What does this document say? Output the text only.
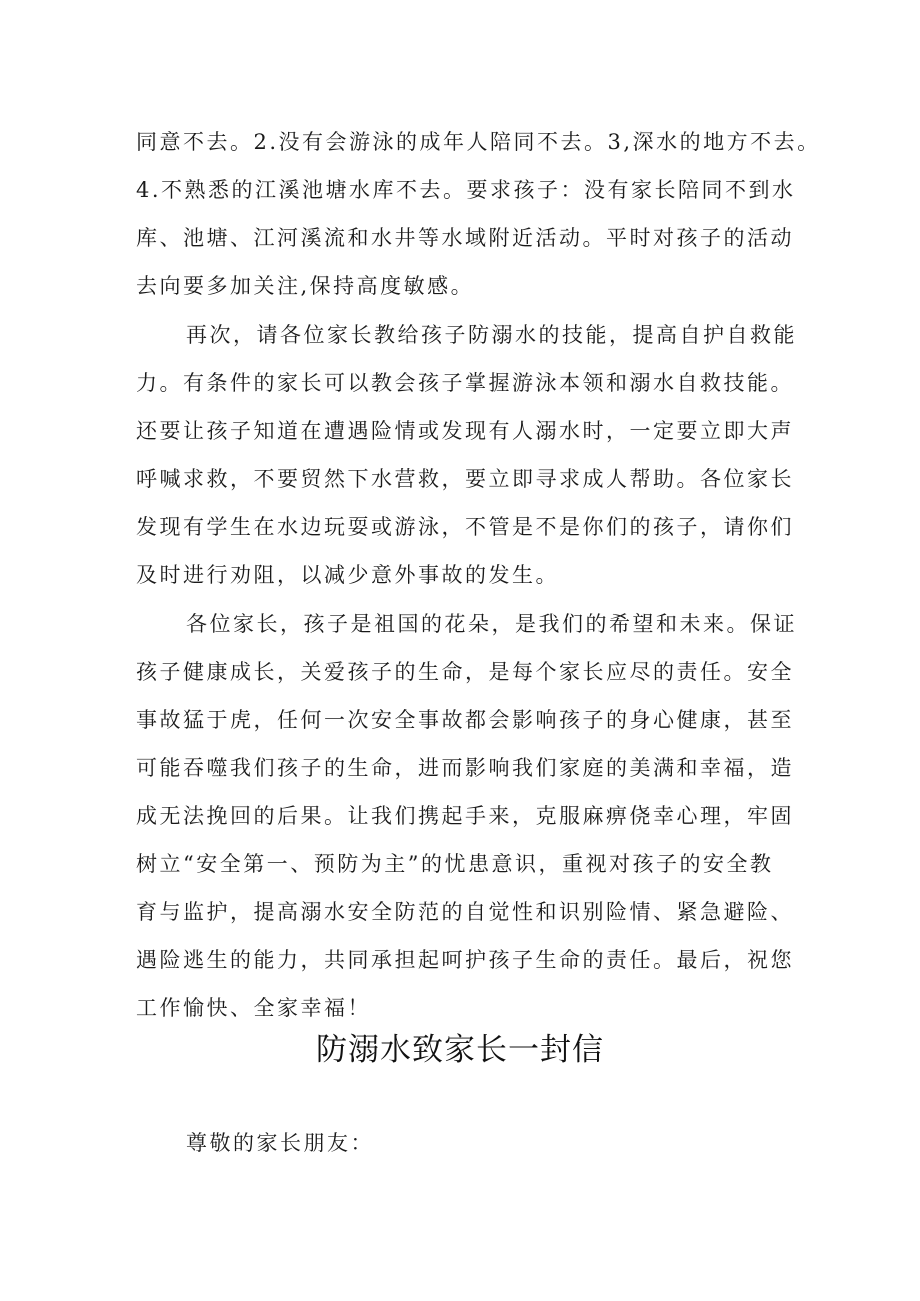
同意不去。2.没有会游泳的成年人陪同不去。3,深水的地方不去。
4.不熟悉的江溪池塘水库不去。要求孩子：没有家长陪同不到水
库、池塘、江河溪流和水井等水域附近活动。平时对孩子的活动
去向要多加关注,保持高度敏感。
再次，请各位家长教给孩子防溺水的技能，提高自护自救能
力。有条件的家长可以教会孩子掌握游泳本领和溺水自救技能。
还要让孩子知道在遭遇险情或发现有人溺水时，一定要立即大声
呼喊求救，不要贸然下水营救，要立即寻求成人帮助。各位家长
发现有学生在水边玩耍或游泳，不管是不是你们的孩子，请你们
及时进行劝阻，以减少意外事故的发生。
各位家长，孩子是祖国的花朵，是我们的希望和未来。保证
孩子健康成长，关爱孩子的生命，是每个家长应尽的责任。安全
事故猛于虎，任何一次安全事故都会影响孩子的身心健康，甚至
可能吞噬我们孩子的生命，进而影响我们家庭的美满和幸福，造
成无法挽回的后果。让我们携起手来，克服麻痹侥幸心理，牢固
树立“安全第一、预防为主”的忧患意识，重视对孩子的安全教
育与监护，提高溺水安全防范的自觉性和识别险情、紧急避险、
遇险逃生的能力，共同承担起呵护孩子生命的责任。最后，祝您
工作愉快、全家幸福！
防溺水致家长一封信
尊敬的家长朋友：
